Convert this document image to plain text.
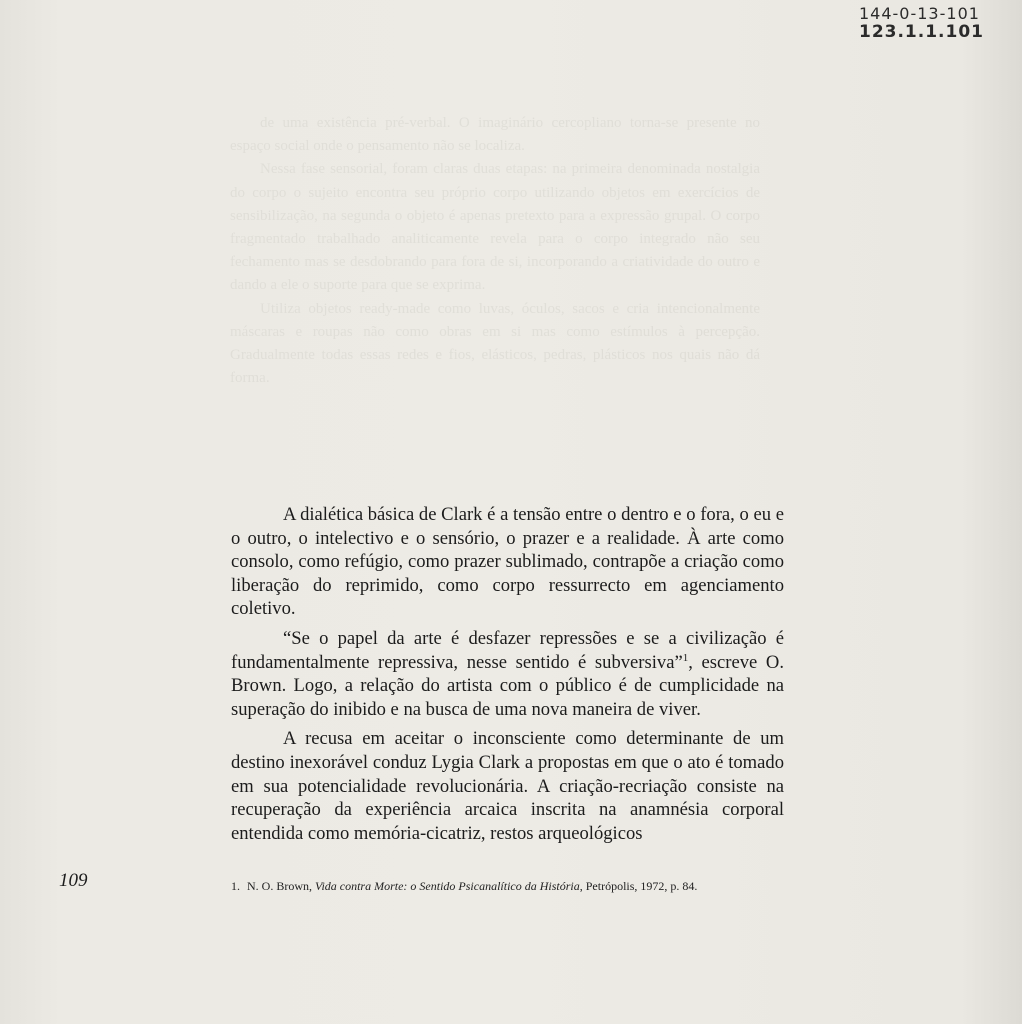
de uma existência pré-verbal. O imaginário cercopliano torna-se presente no espaço social onde o pensamento não se localiza.

Nessa fase sensorial, foram claras duas etapas: na primeira denominada nostalgia do corpo o sujeito encontra seu próprio corpo utilizando objetos em exercícios de sensibilização, na segunda o objeto é apenas pretexto para a expressão grupal. O corpo fragmentado trabalhado analiticamente revela para o corpo integrado não seu fechamento mas se desdobrando para fora de si, incorporando a criatividade do outro e dando a ele o suporte para que se exprima.

Utiliza objetos ready-made como luvas, óculos, sacos e cria intencionalmente máscaras e roupas não como obras em si mas como estímulos à percepção. Gradualmente todas essas redes e fios, elásticos, pedras, plásticos nos quais não dá forma.

144-0-13-101
123.1.1.101

A dialética básica de Clark é a tensão entre o dentro e o fora, o eu e o outro, o intelectivo e o sensório, o prazer e a realidade. À arte como consolo, como refúgio, como prazer sublimado, contrapõe a criação como liberação do reprimido, como corpo ressurrecto em agenciamento coletivo.

“Se o papel da arte é desfazer repressões e se a civilização é fundamentalmente repressiva, nesse sentido é subversiva”$^1$, escreve O. Brown. Logo, a relação do artista com o público é de cumplicidade na superação do inibido e na busca de uma nova maneira de viver.

A recusa em aceitar o inconsciente como determinante de um destino inexorável conduz Lygia Clark a propostas em que o ato é tomado em sua potencialidade revolucionária. A criação-recriação consiste na recuperação da experiência arcaica inscrita na anamnésia corporal entendida como memória-cicatriz, restos arqueológicos

1. N. O. Brown, Vida contra Morte: o Sentido Psicanalítico da História, Petrópolis, 1972, p. 84.
109
